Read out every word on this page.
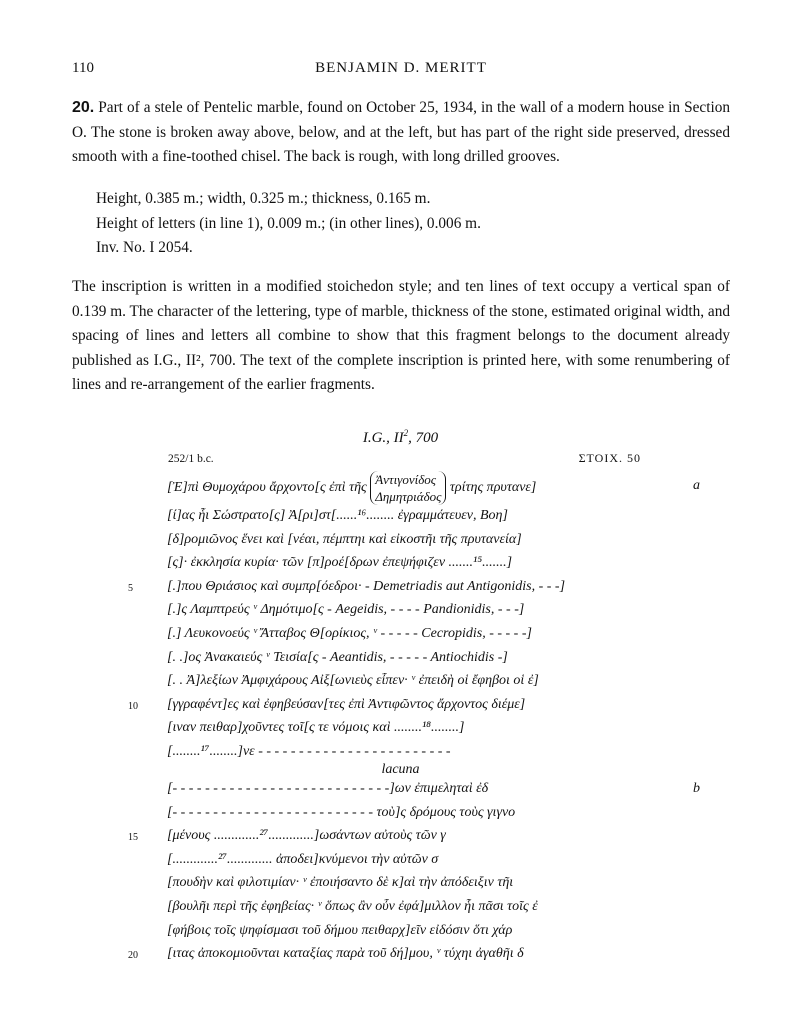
110	BENJAMIN D. MERITT
20. Part of a stele of Pentelic marble, found on October 25, 1934, in the wall of a modern house in Section O. The stone is broken away above, below, and at the left, but has part of the right side preserved, dressed smooth with a fine-toothed chisel. The back is rough, with long drilled grooves.
Height, 0.385 m.; width, 0.325 m.; thickness, 0.165 m.
Height of letters (in line 1), 0.009 m.; (in other lines), 0.006 m.
Inv. No. I 2054.
The inscription is written in a modified stoichedon style; and ten lines of text occupy a vertical span of 0.139 m. The character of the lettering, type of marble, thickness of the stone, estimated original width, and spacing of lines and letters all combine to show that this fragment belongs to the document already published as I.G., II², 700. The text of the complete inscription is printed here, with some renumbering of lines and re-arrangement of the earlier fragments.
I.G., $II^2$, 700
252/1 b.c.	ΣΤΟΙΧ. 50
[Ἐ]πὶ Θυμοχάρου ἄρχοντο[ς ἐπὶ τῆς
Ἀντιγονίδος
Δημητριάδος
τρίτης πρυτανε]	a
[ί]ας ἧι Σώστρατο[ς] Ἀ[ρι]στ[......¹⁶........ ἐγραμμάτευεν, Βοη]
[δ]ρομιῶνος ἕνει καὶ [νέαι, πέμπτηι καὶ εἰκοστῆι τῆς πρυτανεία]
[ς]· ἐκκλησία κυρία· τῶν [π]ροέ[δρων ἐπεψήφιζεν .......¹⁵.......]
[.]που Θριάσιος καὶ συμπρ[όεδροι· - Demetriadis aut Antigonidis, - - -]
5
[.]ς Λαμπτρεύς ᵛ Δημότιμο[ς - Aegeidis, - - - - Pandionidis, - - -]
[.] Λευκονοεύς ᵛ Ἄτταβος Θ[ορίκιος, ᵛ - - - - - Cecropidis, - - - - -]
[. .]ος Ἀνακαιεύς ᵛ Τεισία[ς - Aeantidis, - - - - - Antiochidis -]
[. . Ἀ]λεξίων Ἀμφιχάρους Αἰξ[ωνιεὺς εἶπεν· ᵛ ἐπειδὴ οἱ ἔφηβοι οἱ ἐ]
[γγραφέντ]ες καὶ ἐφηβεύσαν[τες ἐπὶ Ἀντιφῶντος ἄρχοντος διέμε]
10
[ιναν πειθαρ]χοῦντες τοῖ[ς τε νόμοις καὶ ........¹⁸........]
[........¹⁷........]νε - - - - - - - - - - - - - - - - - - - - - - - -
lacuna
[- - - - - - - - - - - - - - - - - - - - - - - - - - -]ων ἐπιμεληταὶ ἐδ	b
[- - - - - - - - - - - - - - - - - - - - - - - - - τοὺ]ς δρόμους τοὺς γιγνο
[μένους .............²⁷.............]ωσάντων αὐτοὺς τῶν γ
15
[.............²⁷............. ἀποδει]κνύμενοι τὴν αὐτῶν σ
[πουδὴν καὶ φιλοτιμίαν· ᵛ ἐποιήσαντο δὲ κ]αὶ τὴν ἀπόδειξιν τῆι
[βουλῆι περὶ τῆς ἐφηβείας· ᵛ ὅπως ἂν οὖν ἐφά]μιλλον ἧι πᾶσι τοῖς ἐ
[φήβοις τοῖς ψηφίσμασι τοῦ δήμου πειθαρχ]εῖν εἰδόσιν ὅτι χάρ
[ιτας ἀποκομιοῦνται καταξίας παρὰ τοῦ δή]μου, ᵛ τύχηι ἀγαθῆι δ
20
